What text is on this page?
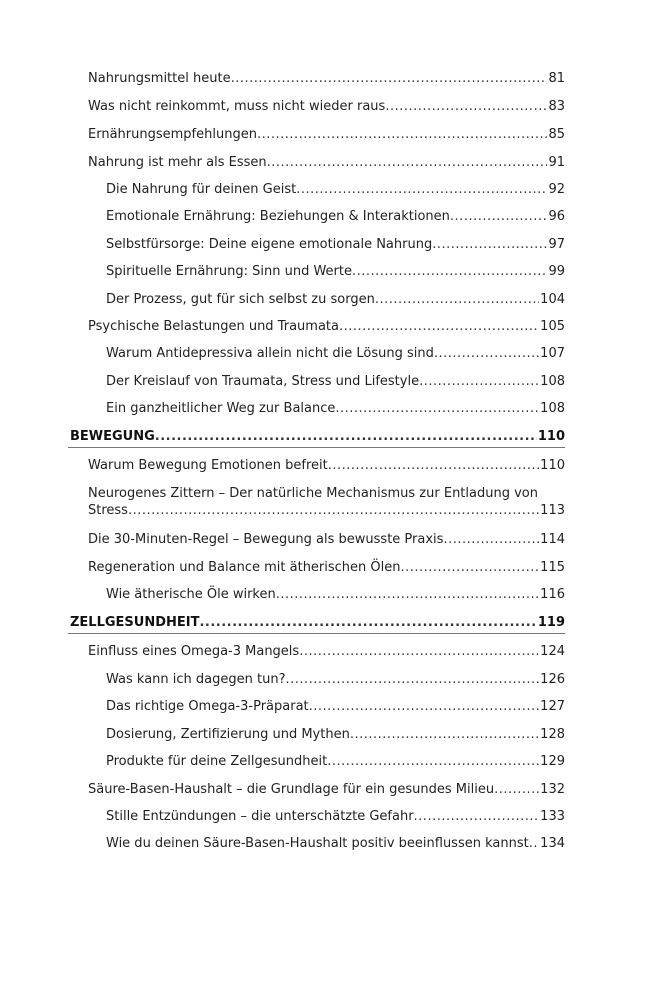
Nahrungsmittel heute .....	81
Was nicht reinkommt, muss nicht wieder raus .....	83
Ernährungsempfehlungen .....	85
Nahrung ist mehr als Essen .....	91
Die Nahrung für deinen Geist .....	92
Emotionale Ernährung: Beziehungen & Interaktionen .....	96
Selbstfürsorge: Deine eigene emotionale Nahrung .....	97
Spirituelle Ernährung: Sinn und Werte .....	99
Der Prozess, gut für sich selbst zu sorgen .....	104
Psychische Belastungen und Traumata .....	105
Warum Antidepressiva allein nicht die Lösung sind .....	107
Der Kreislauf von Traumata, Stress und Lifestyle .....	108
Ein ganzheitlicher Weg zur Balance .....	108
BEWEGUNG .....	110
Warum Bewegung Emotionen befreit .....	110
Neurogenes Zittern – Der natürliche Mechanismus zur Entladung von
Stress .....	113
Die 30-Minuten-Regel – Bewegung als bewusste Praxis .....	114
Regeneration und Balance mit ätherischen Ölen .....	115
Wie ätherische Öle wirken .....	116
ZELLGESUNDHEIT .....	119
Einfluss eines Omega-3 Mangels .....	124
Was kann ich dagegen tun? .....	126
Das richtige Omega-3-Präparat .....	127
Dosierung, Zertifizierung und Mythen .....	128
Produkte für deine Zellgesundheit .....	129
Säure-Basen-Haushalt – die Grundlage für ein gesundes Milieu .....	132
Stille Entzündungen – die unterschätzte Gefahr .....	133
Wie du deinen Säure-Basen-Haushalt positiv beeinflussen kannst ..... 134
